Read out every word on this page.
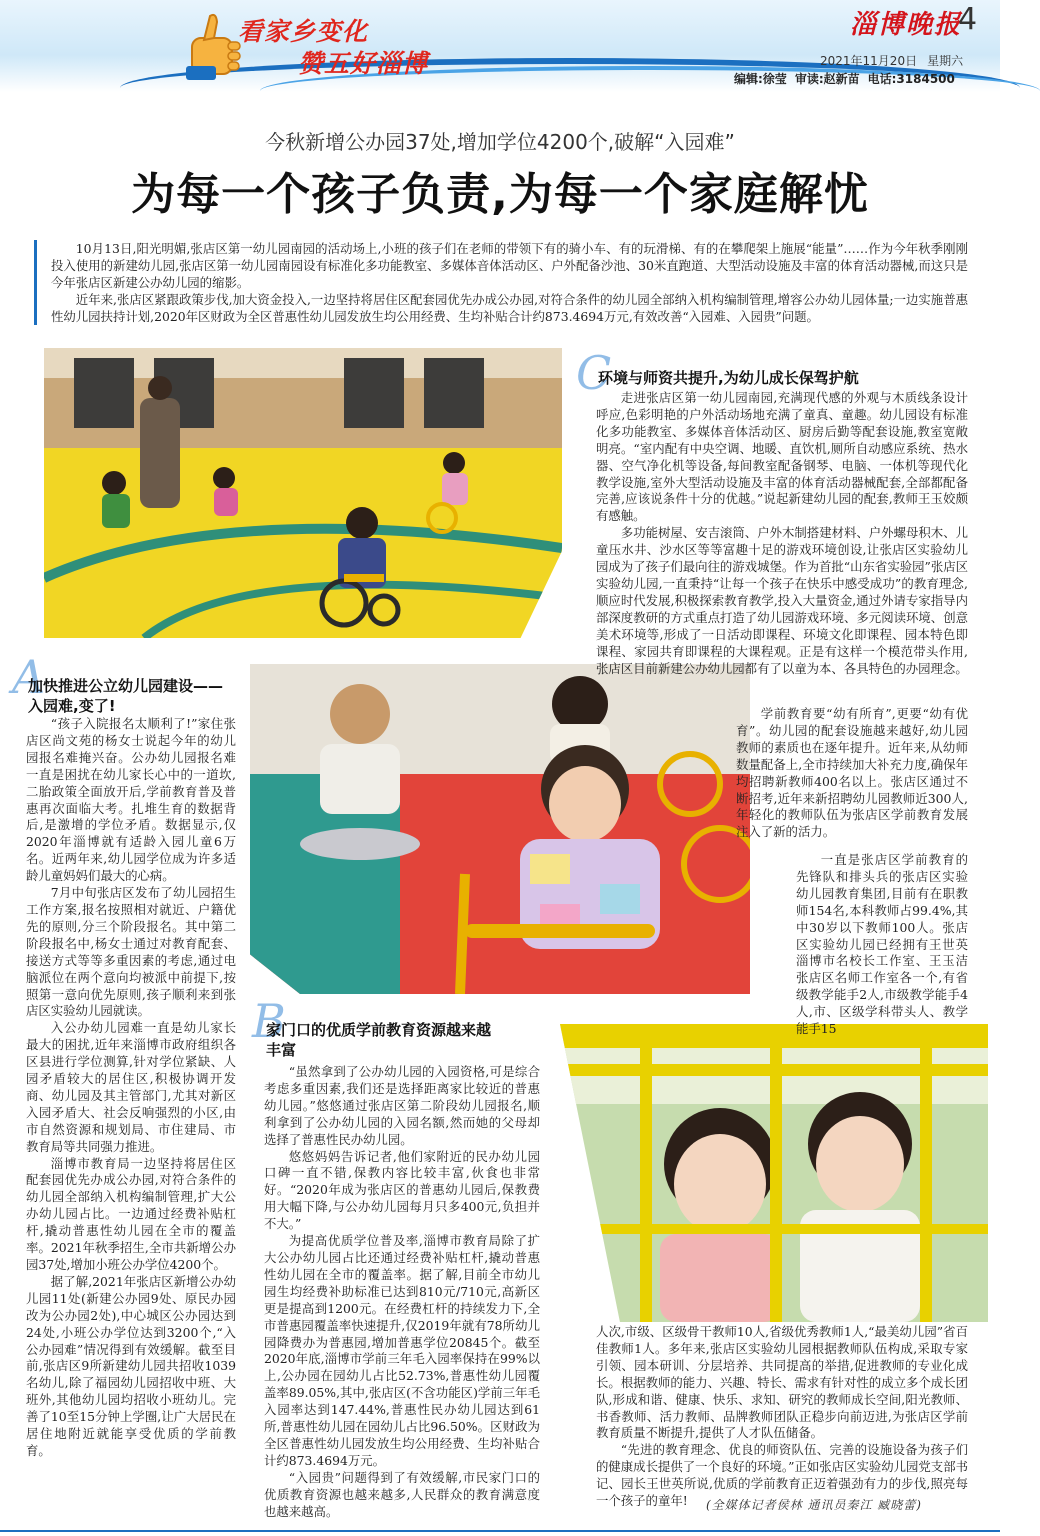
看家乡变化
赞五好淄博
淄博晚报
4
2021年11月20日 星期六
编辑:徐莹 审读:赵新苗 电话:3184500
今秋新增公办园37处,增加学位4200个,破解“入园难”
为每一个孩子负责,为每一个家庭解忧

10月13日,阳光明媚,张店区第一幼儿园南园的活动场上,小班的孩子们在老师的带领下有的骑小车、有的玩滑梯、有的在攀爬架上施展“能量”……作为今年秋季刚刚投入使用的新建幼儿园,张店区第一幼儿园南园设有标准化多功能教室、多媒体音体活动区、户外配备沙池、30米直跑道、大型活动设施及丰富的体育活动器械,而这只是今年张店区新建公办幼儿园的缩影。

近年来,张店区紧跟政策步伐,加大资金投入,一边坚持将居住区配套园优先办成公办园,对符合条件的幼儿园全部纳入机构编制管理,增容公办幼儿园体量;一边实施普惠性幼儿园扶持计划,2020年区财政为全区普惠性幼儿园发放生均公用经费、生均补贴合计约873.4694万元,有效改善“入园难、入园贵”问题。

A
加快推进公立幼儿园建设——入园难,变了!

“孩子入院报名太顺利了!”家住张店区尚文苑的杨女士说起今年的幼儿园报名难掩兴奋。公办幼儿园报名难一直是困扰在幼儿家长心中的一道坎,二胎政策全面放开后,学前教育普及普惠再次面临大考。扎堆生育的数据背后,是激增的学位矛盾。数据显示,仅2020年淄博就有适龄入园儿童6万名。近两年来,幼儿园学位成为许多适龄儿童妈妈们最大的心病。

7月中旬张店区发布了幼儿园招生工作方案,报名按照相对就近、户籍优先的原则,分三个阶段报名。其中第二阶段报名中,杨女士通过对教育配套、接送方式等等多重因素的考虑,通过电脑派位在两个意向均被派中前提下,按照第一意向优先原则,孩子顺利来到张店区实验幼儿园就读。

入公办幼儿园难一直是幼儿家长最大的困扰,近年来淄博市政府组织各区县进行学位测算,针对学位紧缺、人园矛盾较大的居住区,积极协调开发商、幼儿园及其主管部门,尤其对新区入园矛盾大、社会反响强烈的小区,由市自然资源和规划局、市住建局、市教育局等共同强力推进。

淄博市教育局一边坚持将居住区配套园优先办成公办园,对符合条件的幼儿园全部纳入机构编制管理,扩大公办幼儿园占比。一边通过经费补贴杠杆,撬动普惠性幼儿园在全市的覆盖率。2021年秋季招生,全市共新增公办园37处,增加小班公办学位4200个。

据了解,2021年张店区新增公办幼儿园11处(新建公办园9处、原民办园改为公办园2处),中心城区公办园达到24处,小班公办学位达到3200个,“入公办园难”情况得到有效缓解。截至目前,张店区9所新建幼儿园共招收1039名幼儿,除了福园幼儿园招收中班、大班外,其他幼儿园均招收小班幼儿。完善了10至15分钟上学圈,让广大居民在居住地附近就能享受优质的学前教育。

B
家门口的优质学前教育资源越来越丰富

“虽然拿到了公办幼儿园的入园资格,可是综合考虑多重因素,我们还是选择距离家比较近的普惠幼儿园。”悠悠通过张店区第二阶段幼儿园报名,顺利拿到了公办幼儿园的入园名额,然而她的父母却选择了普惠性民办幼儿园。

悠悠妈妈告诉记者,他们家附近的民办幼儿园口碑一直不错,保教内容比较丰富,伙食也非常好。“2020年成为张店区的普惠幼儿园后,保教费用大幅下降,与公办幼儿园每月只多400元,负担并不大。”

为提高优质学位普及率,淄博市教育局除了扩大公办幼儿园占比还通过经费补贴杠杆,撬动普惠性幼儿园在全市的覆盖率。据了解,目前全市幼儿园生均经费补助标准已达到810元/710元,高新区更是提高到1200元。在经费杠杆的持续发力下,全市普惠园覆盖率快速提升,仅2019年就有78所幼儿园降费办为普惠园,增加普惠学位20845个。截至2020年底,淄博市学前三年毛入园率保持在99%以上,公办园在园幼儿占比52.73%,普惠性幼儿园覆盖率89.05%,其中,张店区(不含功能区)学前三年毛入园率达到147.44%,普惠性民办幼儿园达到61所,普惠性幼儿园在园幼儿占比96.50%。区财政为全区普惠性幼儿园发放生均公用经费、生均补贴合计约873.4694万元。

“入园贵”问题得到了有效缓解,市民家门口的优质教育资源也越来越多,人民群众的教育满意度也越来越高。

C
环境与师资共提升,为幼儿成长保驾护航

走进张店区第一幼儿园南园,充满现代感的外观与木质线条设计呼应,色彩明艳的户外活动场地充满了童真、童趣。幼儿园设有标准化多功能教室、多媒体音体活动区、厨房后勤等配套设施,教室宽敞明亮。“室内配有中央空调、地暖、直饮机,厕所自动感应系统、热水器、空气净化机等设备,每间教室配备钢琴、电脑、一体机等现代化教学设施,室外大型活动设施及丰富的体育活动器械配套,全部都配备完善,应该说条件十分的优越。”说起新建幼儿园的配套,教师王玉姣颇有感触。

多功能树屋、安吉滚筒、户外木制搭建材料、户外螺母积木、儿童压水井、沙水区等等富趣十足的游戏环境创设,让张店区实验幼儿园成为了孩子们最向往的游戏城堡。作为首批“山东省实验园”张店区实验幼儿园,一直秉持“让每一个孩子在快乐中感受成功”的教育理念,顺应时代发展,积极探索教育教学,投入大量资金,通过外请专家指导内部深度教研的方式重点打造了幼儿园游戏环境、多元阅读环境、创意美术环境等,形成了一日活动即课程、环境文化即课程、园本特色即课程、家园共育即课程的大课程观。正是有这样一个模范带头作用,张店区目前新建公办幼儿园都有了以童为本、各具特色的办园理念。

学前教育要“幼有所育”,更要“幼有优育”。幼儿园的配套设施越来越好,幼儿园教师的素质也在逐年提升。近年来,从幼师数量配备上,全市持续加大补充力度,确保年均招聘新教师400名以上。张店区通过不断招考,近年来新招聘幼儿园教师近300人,年轻化的教师队伍为张店区学前教育发展注入了新的活力。

一直是张店区学前教育的先锋队和排头兵的张店区实验幼儿园教育集团,目前有在职教师154名,本科教师占99.4%,其中30岁以下教师100人。张店区实验幼儿园已经拥有王世英淄博市名校长工作室、王玉洁张店区名师工作室各一个,有省级教学能手2人,市级教学能手4人,市、区级学科带头人、教学能手15

人次,市级、区级骨干教师10人,省级优秀教师1人,“最美幼儿园”省百佳教师1人。多年来,张店区实验幼儿园根据教师队伍构成,采取专家引领、园本研训、分层培养、共同提高的举措,促进教师的专业化成长。根据教师的能力、兴趣、特长、需求有针对性的成立多个成长团队,形成和谐、健康、快乐、求知、研究的教师成长空间,阳光教师、书香教师、活力教师、品牌教师团队正稳步向前迈进,为张店区学前教育质量不断提升,提供了人才队伍储备。

“先进的教育理念、优良的师资队伍、完善的设施设备为孩子们的健康成长提供了一个良好的环境。”正如张店区实验幼儿园党支部书记、园长王世英所说,优质的学前教育正迈着强劲有力的步伐,照亮每一个孩子的童年!	(全媒体记者侯林 通讯员秦江 臧晓蕾)
